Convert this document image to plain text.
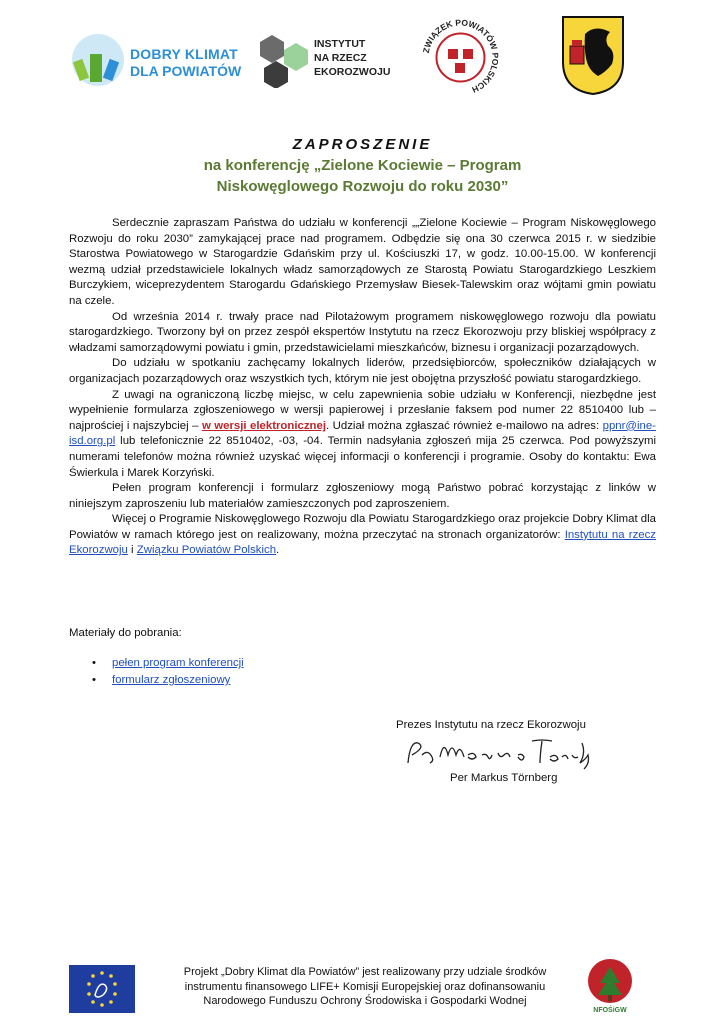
DOBRY KLIMAT
DLA POWIATÓW
INSTYTUT
NA RZECZ
EKOROZWOJU
ZWIĄZEK POWIATÓW POLSKICH
ZAPROSZENIE
na konferencję „Zielone Kociewie – Program
Niskowęglowego Rozwoju do roku 2030”

Serdecznie zapraszam Państwa do udziału w konferencji „„Zielone Kociewie – Program Niskowęglowego Rozwoju do roku 2030” zamykającej prace nad programem. Odbędzie się ona 30 czerwca 2015 r. w siedzibie Starostwa Powiatowego w Starogardzie Gdańskim przy ul. Kościuszki 17, w godz. 10.00-15.00. W konferencji wezmą udział przedstawiciele lokalnych władz samorządowych ze Starostą Powiatu Starogardzkiego Leszkiem Burczykiem, wiceprezydentem Starogardu Gdańskiego Przemysław Biesek-Talewskim oraz wójtami gmin powiatu na czele.

Od września 2014 r. trwały prace nad Pilotażowym programem niskowęglowego rozwoju dla powiatu starogardzkiego. Tworzony był on przez zespół ekspertów Instytutu na rzecz Ekorozwoju przy bliskiej współpracy z władzami samorządowymi powiatu i gmin, przedstawicielami mieszkańców, biznesu i organizacji pozarządowych.

Do udziału w spotkaniu zachęcamy lokalnych liderów, przedsiębiorców, społeczników działających w organizacjach pozarządowych oraz wszystkich tych, którym nie jest obojętna przyszłość powiatu starogardzkiego.

Z uwagi na ograniczoną liczbę miejsc, w celu zapewnienia sobie udziału w Konferencji, niezbędne jest wypełnienie formularza zgłoszeniowego w wersji papierowej i przesłanie faksem pod numer 22 8510400 lub – najprościej i najszybciej – w wersji elektronicznej. Udział można zgłaszać również e-mailowo na adres: ppnr@ine-isd.org.pl lub telefonicznie 22 8510402, -03, -04. Termin nadsyłania zgłoszeń mija 25 czerwca. Pod powyższymi numerami telefonów można również uzyskać więcej informacji o konferencji i programie. Osoby do kontaktu: Ewa Świerkula i Marek Korzyński.

Pełen program konferencji i formularz zgłoszeniowy mogą Państwo pobrać korzystając z linków w niniejszym zaproszeniu lub materiałów zamieszczonych pod zaproszeniem.

Więcej o Programie Niskowęglowego Rozwoju dla Powiatu Starogardzkiego oraz projekcie Dobry Klimat dla Powiatów w ramach którego jest on realizowany, można przeczytać na stronach organizatorów: Instytutu na rzecz Ekorozwoju i Związku Powiatów Polskich.

Materiały do pobrania:
• pełen program konferencji
• formularz zgłoszeniowy
Prezes Instytutu na rzecz Ekorozwoju
Per Markus Törnberg
Projekt „Dobry Klimat dla Powiatów” jest realizowany przy udziale środków
instrumentu finansowego LIFE+ Komisji Europejskiej oraz dofinansowaniu
Narodowego Funduszu Ochrony Środowiska i Gospodarki Wodnej
NFOŚiGW
